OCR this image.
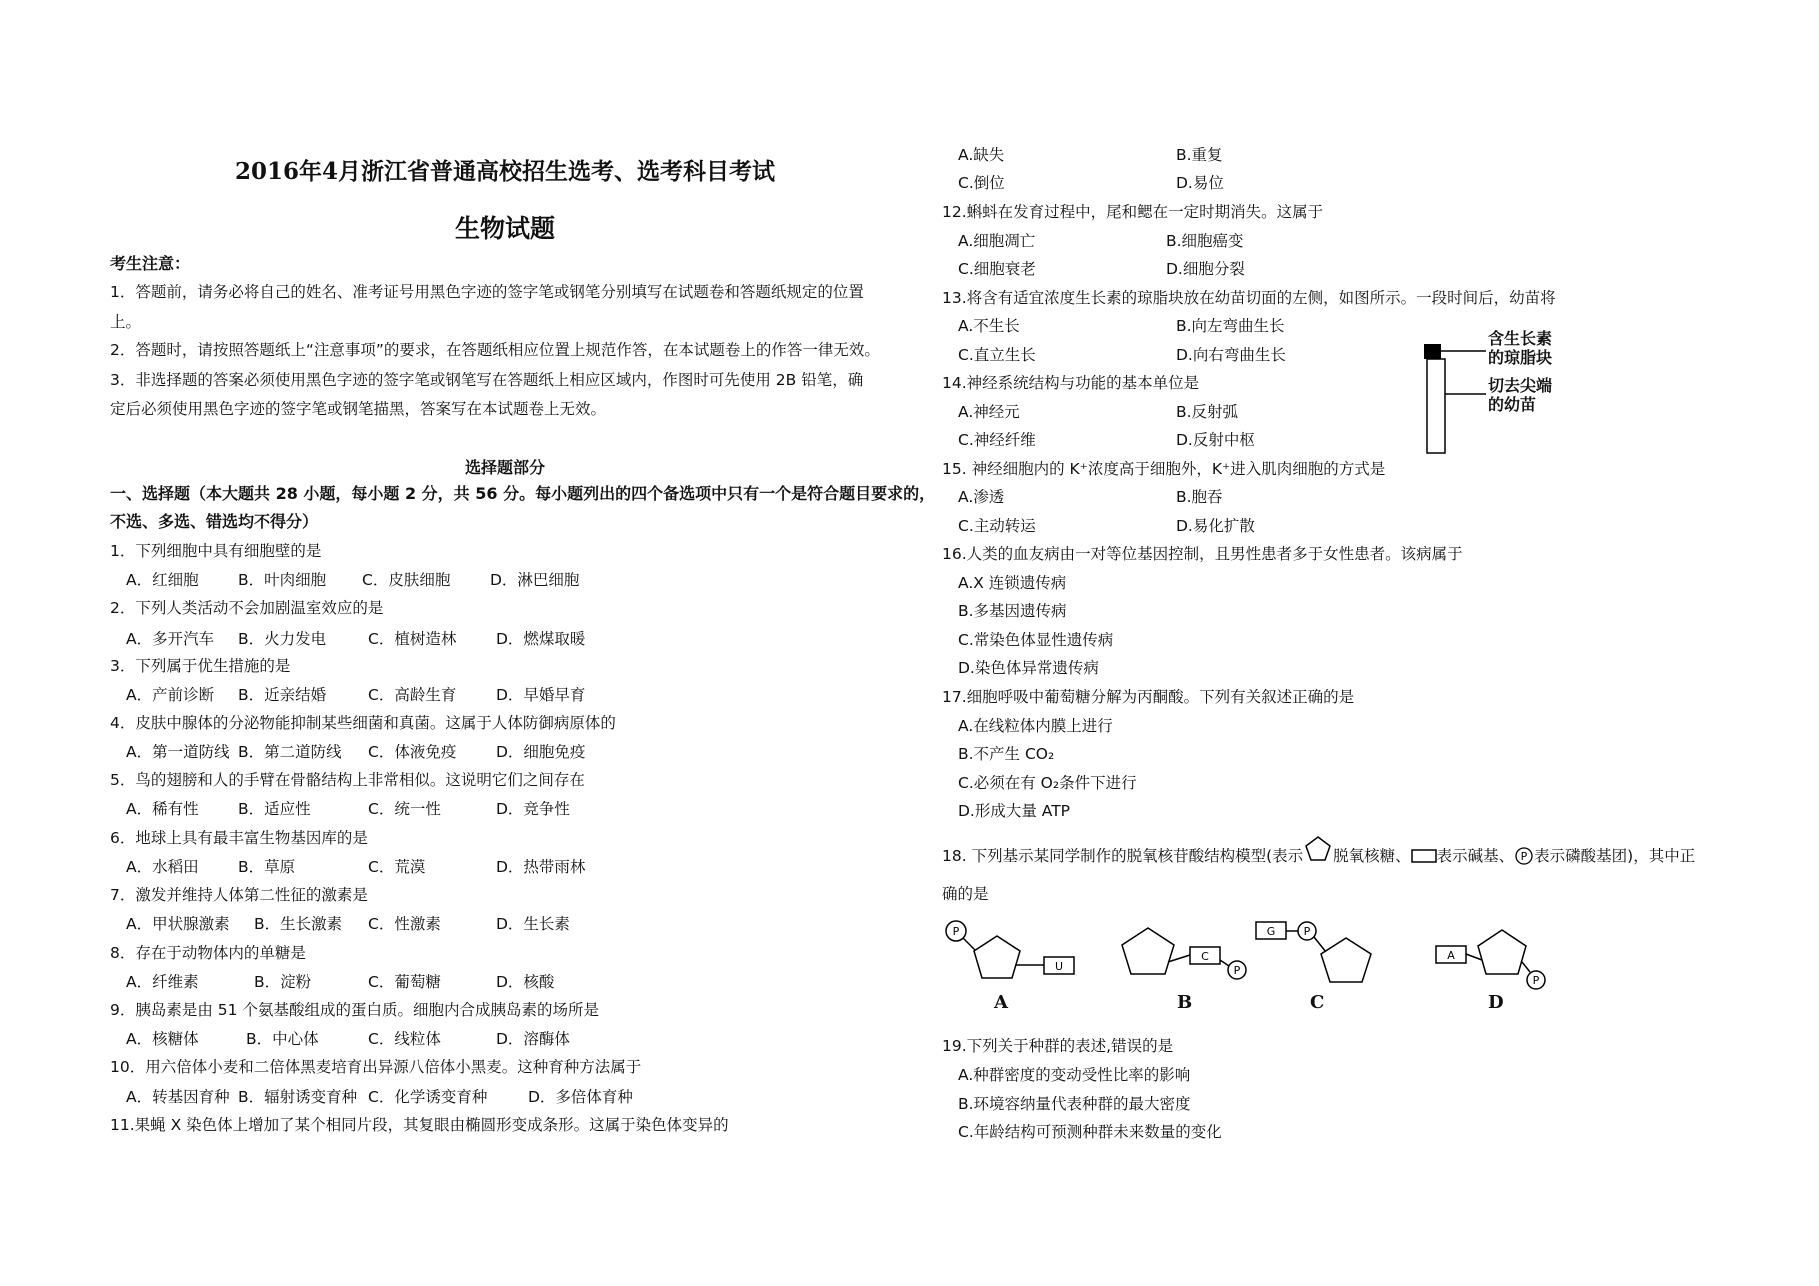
2016年4月浙江省普通高校招生选考、选考科目考试
生物试题
考生注意：
1．答题前，请务必将自己的姓名、准考证号用黑色字迹的签字笔或钢笔分别填写在试题卷和答题纸规定的位置
上。
2．答题时，请按照答题纸上“注意事项”的要求，在答题纸相应位置上规范作答，在本试题卷上的作答一律无效。
3．非选择题的答案必须使用黑色字迹的签字笔或钢笔写在答题纸上相应区域内，作图时可先使用 2B 铅笔，确
定后必须使用黑色字迹的签字笔或钢笔描黑，答案写在本试题卷上无效。
选择题部分
一、选择题（本大题共 28 小题，每小题 2 分，共 56 分。每小题列出的四个备选项中只有一个是符合题目要求的，
不选、多选、错选均不得分）
1．下列细胞中具有细胞壁的是
A．红细胞	B．叶肉细胞 C．皮肤细胞	D．淋巴细胞
2．下列人类活动不会加剧温室效应的是
A．多开汽车 B．火力发电	C．植树造林	D．燃煤取暖
3．下列属于优生措施的是
A．产前诊断 B．近亲结婚	C．高龄生育	D．早婚早育
4．皮肤中腺体的分泌物能抑制某些细菌和真菌。这属于人体防御病原体的
A．第一道防线 B．第二道防线 C．体液免疫	D．细胞免疫
5．鸟的翅膀和人的手臂在骨骼结构上非常相似。这说明它们之间存在
A．稀有性	B．适应性	C．统一性	D．竞争性
6．地球上具有最丰富生物基因库的是
A．水稻田	B．草原	C．荒漠	D．热带雨林
7．激发并维持人体第二性征的激素是
A．甲状腺激素 B．生长激素 C．性激素	D．生长素
8．存在于动物体内的单糖是
A．纤维素	B．淀粉	C．葡萄糖	D．核酸
9．胰岛素是由 51 个氨基酸组成的蛋白质。细胞内合成胰岛素的场所是
A．核糖体	B．中心体	C．线粒体	D．溶酶体
10．用六倍体小麦和二倍体黑麦培育出异源八倍体小黑麦。这种育种方法属于
A．转基因育种 B．辐射诱变育种 C．化学诱变育种	D．多倍体育种
11.果蝇 X 染色体上增加了某个相同片段，其复眼由椭圆形变成条形。这属于染色体变异的
A.缺失	B.重复
C.倒位	D.易位
12.蝌蚪在发育过程中，尾和鳃在一定时期消失。这属于
A.细胞凋亡	B.细胞癌变
C.细胞衰老	D.细胞分裂
13.将含有适宜浓度生长素的琼脂块放在幼苗切面的左侧，如图所示。一段时间后，幼苗将
A.不生长	B.向左弯曲生长
C.直立生长	D.向右弯曲生长
含生长素
的琼脂块
切去尖端
的幼苗
14.神经系统结构与功能的基本单位是
A.神经元	B.反射弧
C.神经纤维	D.反射中枢
15. 神经细胞内的 K⁺浓度高于细胞外，K⁺进入肌肉细胞的方式是
A.渗透	B.胞吞
C.主动转运	D.易化扩散
16.人类的血友病由一对等位基因控制，且男性患者多于女性患者。该病属于
A.X 连锁遗传病
B.多基因遗传病
C.常染色体显性遗传病
D.染色体异常遗传病
17.细胞呼吸中葡萄糖分解为丙酮酸。下列有关叙述正确的是
A.在线粒体内膜上进行
B.不产生 CO₂
C.必须在有 O₂条件下进行
D.形成大量 ATP
18. 下列基示某同学制作的脱氧核苷酸结构模型(表示 脱氧核糖、 表示碱基、 P 表示磷酸基团)，其中正
确的是
P
U
C
P
G	P
A
P
A	B	C	D
19.下列关于种群的表述,错误的是
A.种群密度的变动受性比率的影响
B.环境容纳量代表种群的最大密度
C.年龄结构可预测种群未来数量的变化
